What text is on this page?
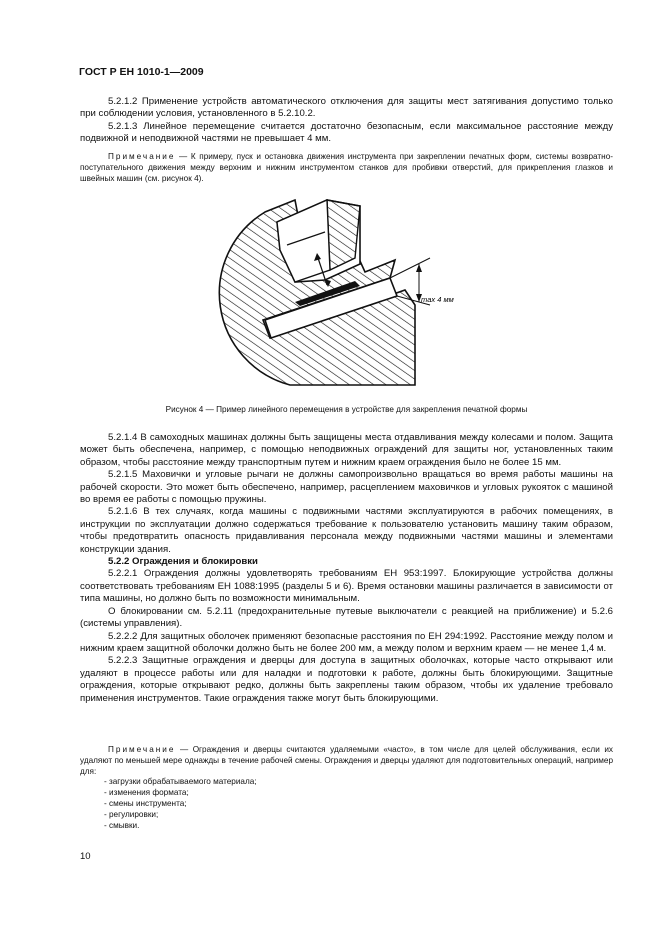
ГОСТ Р ЕН 1010-1—2009

5.2.1.2 Применение устройств автоматического отключения для защиты мест затягивания допустимо только при соблюдении условия, установленного в 5.2.10.2.

5.2.1.3 Линейное перемещение считается достаточно безопасным, если максимальное расстояние между подвижной и неподвижной частями не превышает 4 мм.

Примечание — К примеру, пуск и остановка движения инструмента при закреплении печатных форм, системы возвратно-поступательного движения между верхним и нижним инструментом станков для пробивки отверстий, для прикрепления глазков и швейных машин (см. рисунок 4).

max 4 мм
Рисунок 4 — Пример линейного перемещения в устройстве для закрепления печатной формы

5.2.1.4 В самоходных машинах должны быть защищены места отдавливания между колесами и полом. Защита может быть обеспечена, например, с помощью неподвижных ограждений для защиты ног, установленных таким образом, чтобы расстояние между транспортным путем и нижним краем ограждения было не более 15 мм.

5.2.1.5 Маховички и угловые рычаги не должны самопроизвольно вращаться во время работы машины на рабочей скорости. Это может быть обеспечено, например, расцеплением маховичков и угловых рукояток с машиной во время ее работы с помощью пружины.

5.2.1.6 В тех случаях, когда машины с подвижными частями эксплуатируются в рабочих помещениях, в инструкции по эксплуатации должно содержаться требование к пользователю установить машину таким образом, чтобы предотвратить опасность придавливания персонала между подвижными частями машины и элементами конструкции здания.

5.2.2 Ограждения и блокировки

5.2.2.1 Ограждения должны удовлетворять требованиям ЕН 953:1997. Блокирующие устройства должны соответствовать требованиям ЕН 1088:1995 (разделы 5 и 6). Время остановки машины различается в зависимости от типа машины, но должно быть по возможности минимальным.

О блокировании см. 5.2.11 (предохранительные путевые выключатели с реакцией на приближение) и 5.2.6 (системы управления).

5.2.2.2 Для защитных оболочек применяют безопасные расстояния по ЕН 294:1992. Расстояние между полом и нижним краем защитной оболочки должно быть не более 200 мм, а между полом и верхним краем — не менее 1,4 м.

5.2.2.3 Защитные ограждения и дверцы для доступа в защитных оболочках, которые часто открывают или удаляют в процессе работы или для наладки и подготовки к работе, должны быть блокирующими. Защитные ограждения, которые открывают редко, должны быть закреплены таким образом, чтобы их удаление требовало применения инструментов. Такие ограждения также могут быть блокирующими.

Примечание — Ограждения и дверцы считаются удаляемыми «часто», в том числе для целей обслуживания, если их удаляют по меньшей мере однажды в течение рабочей смены. Ограждения и дверцы удаляют для подготовительных операций, например для:

- загрузки обрабатываемого материала;
- изменения формата;
- смены инструмента;
- регулировки;
- смывки.
10
